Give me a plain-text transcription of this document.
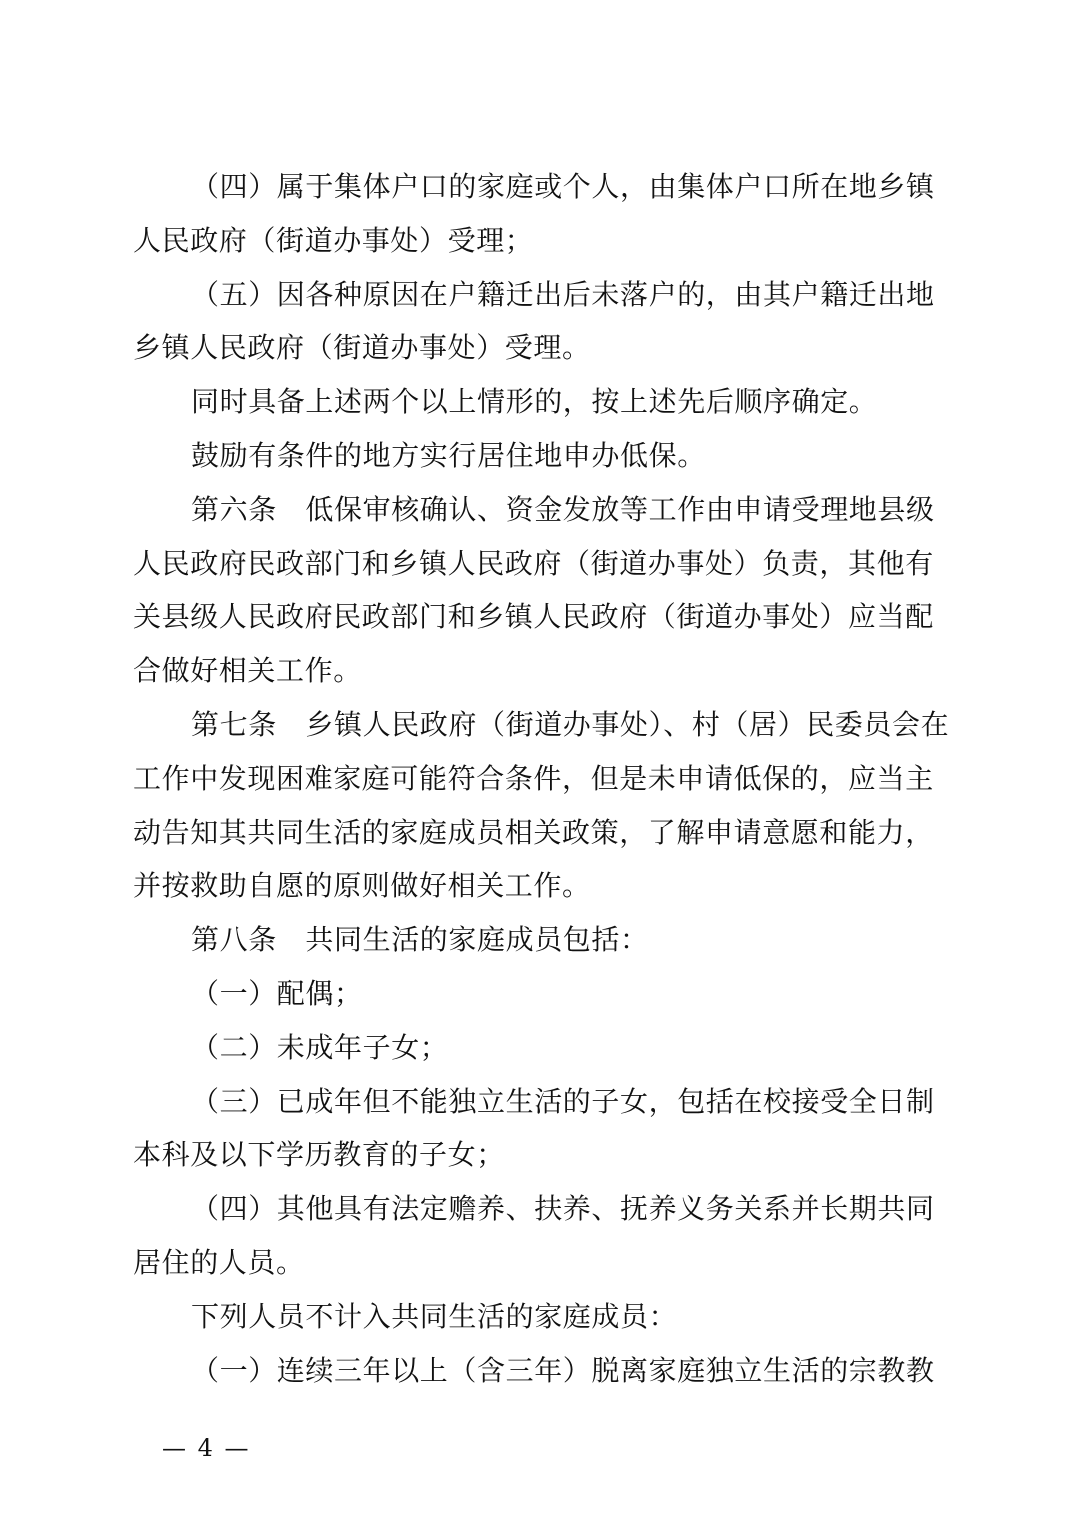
（四）属于集体户口的家庭或个人，由集体户口所在地乡镇

人民政府（街道办事处）受理；

（五）因各种原因在户籍迁出后未落户的，由其户籍迁出地

乡镇人民政府（街道办事处）受理。

同时具备上述两个以上情形的，按上述先后顺序确定。

鼓励有条件的地方实行居住地申办低保。

第六条　低保审核确认、资金发放等工作由申请受理地县级

人民政府民政部门和乡镇人民政府（街道办事处）负责，其他有

关县级人民政府民政部门和乡镇人民政府（街道办事处）应当配

合做好相关工作。

第七条　乡镇人民政府（街道办事处）、村（居）民委员会在

工作中发现困难家庭可能符合条件，但是未申请低保的，应当主

动告知其共同生活的家庭成员相关政策，了解申请意愿和能力，

并按救助自愿的原则做好相关工作。

第八条　共同生活的家庭成员包括：

（一）配偶；

（二）未成年子女；

（三）已成年但不能独立生活的子女，包括在校接受全日制

本科及以下学历教育的子女；

（四）其他具有法定赡养、扶养、抚养义务关系并长期共同

居住的人员。

下列人员不计入共同生活的家庭成员：

（一）连续三年以上（含三年）脱离家庭独立生活的宗教教

— 4 —
